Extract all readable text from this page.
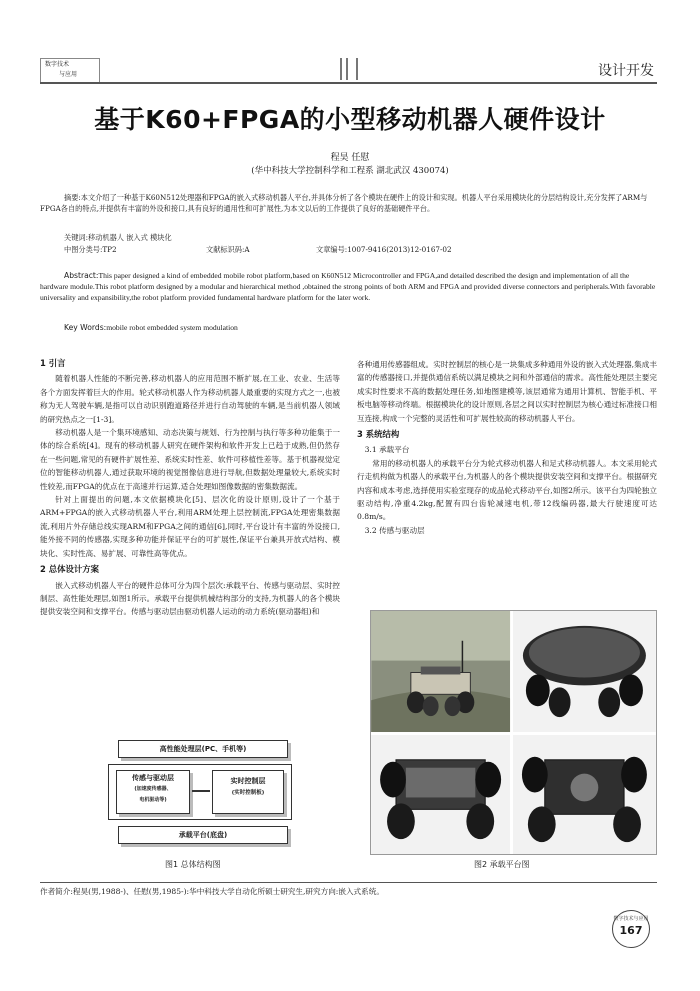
数字技术
与应用	设计开发
基于K60+FPGA的小型移动机器人硬件设计
程昊 任慰
(华中科技大学控制科学和工程系 湖北武汉 430074)
摘要:本文介绍了一种基于K60N512处理器和FPGA的嵌入式移动机器人平台,并具体分析了各个模块在硬件上的设计和实现。机器人平台采用模块化的分层结构设计,充分发挥了ARM与FPGA各自的特点,并提供有丰富的外设和接口,具有良好的通用性和可扩展性,为本文以后的工作提供了良好的基础硬件平台。
关键词:移动机器人 嵌入式 模块化
中图分类号:TP2	文献标识码:A	文章编号:1007-9416(2013)12-0167-02
Abstract:This paper designed a kind of embedded mobile robot platform,based on K60N512 Microcontroller and FPGA,and detailed described the design and implementation of all the hardware module.This robot platform designed by a modular and hierarchical method ,obtained the strong points of both ARM and FPGA and provided diverse connectors and peripherals.With favorable universality and expansibility,the robot platform provided fundamental hardware platform for the later work.
Key Words:mobile robot embedded system modulation
1 引言

随着机器人性能的不断完善,移动机器人的应用范围不断扩展,在工业、农业、生活等各个方面发挥着巨大的作用。轮式移动机器人作为移动机器人最重要的实现方式之一,也被称为无人驾驶车辆,是指可以自动识别跑道路径并进行自动驾驶的车辆,是当前机器人领域的研究热点之一[1-3]。

移动机器人是一个集环境感知、动态决策与规划、行为控制与执行等多种功能集于一体的综合系统[4]。现有的移动机器人研究在硬件架构和软件开发上已趋于成熟,但仍然存在一些问题,常见的有硬件扩展性差、系统实时性差、软件可移植性差等。基于机器视觉定位的智能移动机器人,通过获取环境的视觉图像信息进行导航,但数据处理量较大,系统实时性较差,而FPGA的优点在于高速并行运算,适合处理如图像数据的密集数据流。

针对上面提出的问题,本文依据模块化[5]、层次化的设计原则,设计了一个基于ARM+FPGA的嵌入式移动机器人平台,利用ARM处理上层控制流,FPGA处理密集数据流,利用片外存储总线实现ARM和FPGA之间的通信[6],同时,平台设计有丰富的外设接口,能外接不同的传感器,实现多种功能并保证平台的可扩展性,保证平台兼具开放式结构、模块化、实时性高、易扩展、可靠性高等优点。

2 总体设计方案

嵌入式移动机器人平台的硬件总体可分为四个层次:承载平台、传感与驱动层、实时控制层、高性能处理层,如图1所示。承载平台提供机械结构部分的支持,为机器人的各个模块提供安装空间和支撑平台。传感与驱动层由驱动机器人运动的动力系统(驱动器组)和

各种通用传感器组成。实时控制层的核心是一块集成多种通用外设的嵌入式处理器,集成丰富的传感器接口,并提供通信系统以满足模块之间和外部通信的需求。高性能处理层主要完成实时性要求不高的数据处理任务,如地图建模等,该层通常为通用计算机、智能手机、平板电脑等移动终端。根据模块化的设计原则,各层之间以实时控制层为核心通过标准接口相互连接,构成一个完整的灵活性和可扩展性较高的移动机器人平台。

3 系统结构
3.1 承载平台

常用的移动机器人的承载平台分为轮式移动机器人和足式移动机器人。本文采用轮式行走机构做为机器人的承载平台,为机器人的各个模块提供安装空间和支撑平台。根据研究内容和成本考虑,选择使用实验室现存的成品轮式移动平台,如图2所示。该平台为四轮独立驱动结构,净重4.2kg,配置有四台齿轮减速电机,带12线编码器,最大行驶速度可达0.8m/s。

3.2 传感与驱动层
高性能处理层(PC、手机等)
传感与驱动层
(加速度传感器、
电机驱动等)
实时控制层
(实时控制板)
承载平台(底盘)
图1 总体结构图	图2 承载平台图
作者简介:程昊(男,1988-)、任慰(男,1985-):华中科技大学自动化所硕士研究生,研究方向:嵌入式系统。
数字技术与应用
167
